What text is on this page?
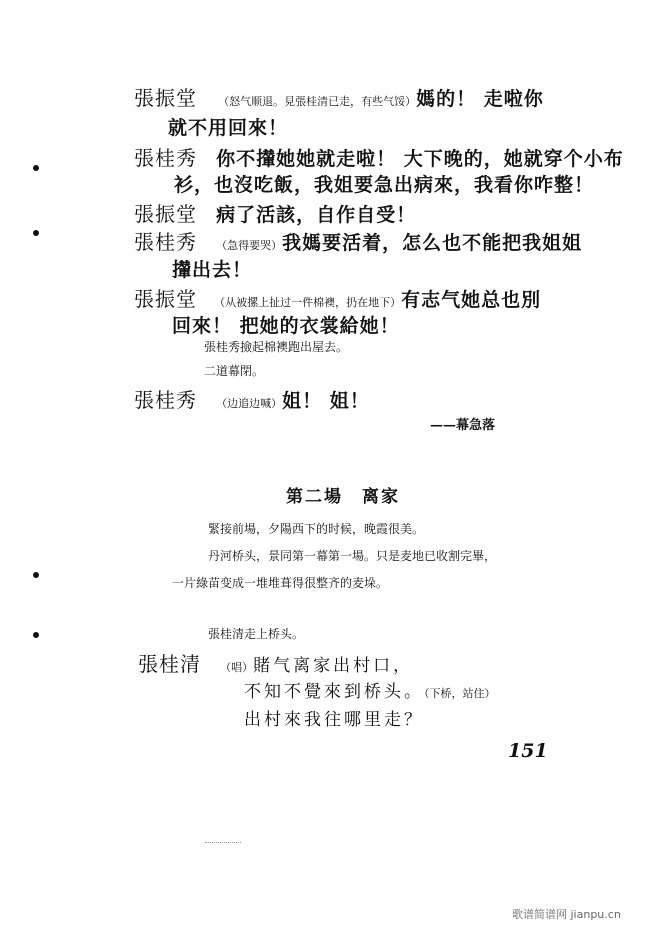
張振堂 （怒气顺退。見張桂清已走，有些气馁）媽的！ 走啦你
就不用回來！
張桂秀 你不攆她她就走啦！ 大下晚的，她就穿个小布
衫，也沒吃飯，我姐要急出病來，我看你咋整！
張振堂 病了活該，自作自受！
張桂秀 （急得要哭）我媽要活着，怎么也不能把我姐姐
攆出去！
張振堂 （从被摞上扯过一件棉襖，扔在地下）有志气她总也別
回來！ 把她的衣裳給她！
張桂秀撿起棉襖跑出屋去。
二道幕閉。
張桂秀 （边追边喊）姐！ 姐！
——幕急落
第二場　离家
緊接前場，夕陽西下的时候，晚霞很美。
丹河桥头，景同第一幕第一場。只是麦地已收割完畢，
一片綠苗变成一堆堆葺得很整齐的麦垛。
張桂清走上桥头。
張桂清 （唱）賭气离家出村口，
不知不覺來到桥头。（下桥，站住）
出村來我往哪里走？
151
歌谱简谱网 jianpu.cn
